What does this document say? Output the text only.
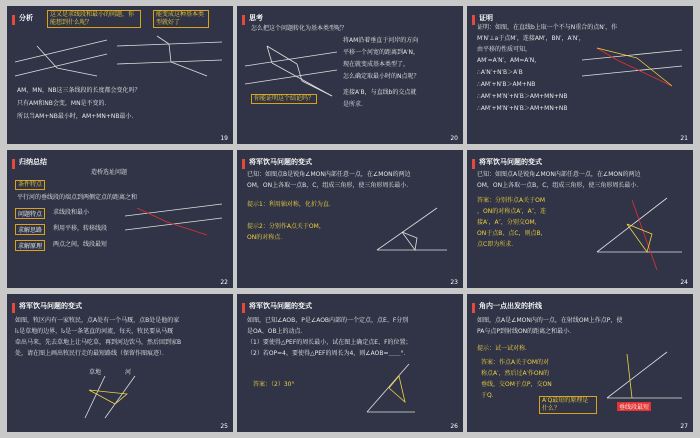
分析	这又是求线段和最小的问题，你能想到什么呢？
能变成这种基本类型就好了
AM，MN，NB这三条线段的长度都会变化吗？
只有AM和NB会变，MN是不变的．
所以当AM+NB最小时，AM+MN+NB最小．
19
思考
怎么把这个问题转化为基本类型呢？
将AM沿着垂直于河岸的方向
平移一个河宽的距离到A′N，
现在就变成基本类型了，
怎么确定取最小时的N点呢？
连接A′B，与直线b的交点就
是所求．
你能证明这个结论吗？
20
证明
证明：如图，在直线b上取一个不与N重合的点N′，作
M′N′⊥a于点M′，连接AM′，BN′，A′N′，
由平移的性质可知，
AM′=A′N′，AM=A′N，
∴A′N′+N′B＞A′B
∴AM′+N′B＞AM+NB
∴AM′+M′N′+N′B＞AM+MN+NB
∴AM′+M′N′+N′B＞AM+MN+NB
21
归纳总结
造桥选址问题
条件特点
平行河的垂线段的端点到两侧定点的距离之和
问题特点	求线段和最小
求解思路	利用平移，转移线段
求解原理	两点之间，线段最短
22
将军饮马问题的变式
已知：如图点B是锐角∠MON内部任意一点，在∠MON的两边
OM，ON上各取一点B，C，组成三角形，使三角形周长最小．
提示1：利用轴对称，化折为直．
提示2：分别作A点关于OM，
ON的对称点．
23
将军饮马问题的变式
已知：如图点A是锐角∠MON内部任意一点，在∠MON的两边
OM，ON上各取一点B，C，组成三角形，使三角形周长最小．
答案：分别作点A关于OM
，ON的对称点A′，A″，连
接A′，A″，分别交OM，
ON于点B、点C，则点B，
点C即为所求．
24
将军饮马问题的变式
如图，牧区内有一家牧民，点A处有一个马厩，点B处是他的家
l₁是草地的边界，l₂是一条笔直的河流，每天，牧民要从马厩
牵出马来，先去草地上让马吃草，再到河边饮马，然后回到家B
处，请在图上画出牧民行走的最短路线（保留作图痕迹）．
草地	河
25
将军饮马问题的变式
如图，已知∠AOB，P是∠AOB内部的一个定点，点E、F分别
是OA、OB上的动点．
（1）要使得△PEF的周长最小，试在图上确定点E、F的位置；
（2）若OP=4，要使得△PEF的周长为4，则∠AOB=＿＿°．
答案：（2）30°
26
角内一点出发的折线
如图，点A是∠MON内的一点，在射线OM上作点P，使
PA与点P到射线ON的距离之和最小．
提示：试一试对称．
答案：作点A关于OM的对
称点A′，然后过A′作ON的
垂线，交OM于点P，交ON
于Q．
A′Q最短的原理是什么？	垂线段最短
27
